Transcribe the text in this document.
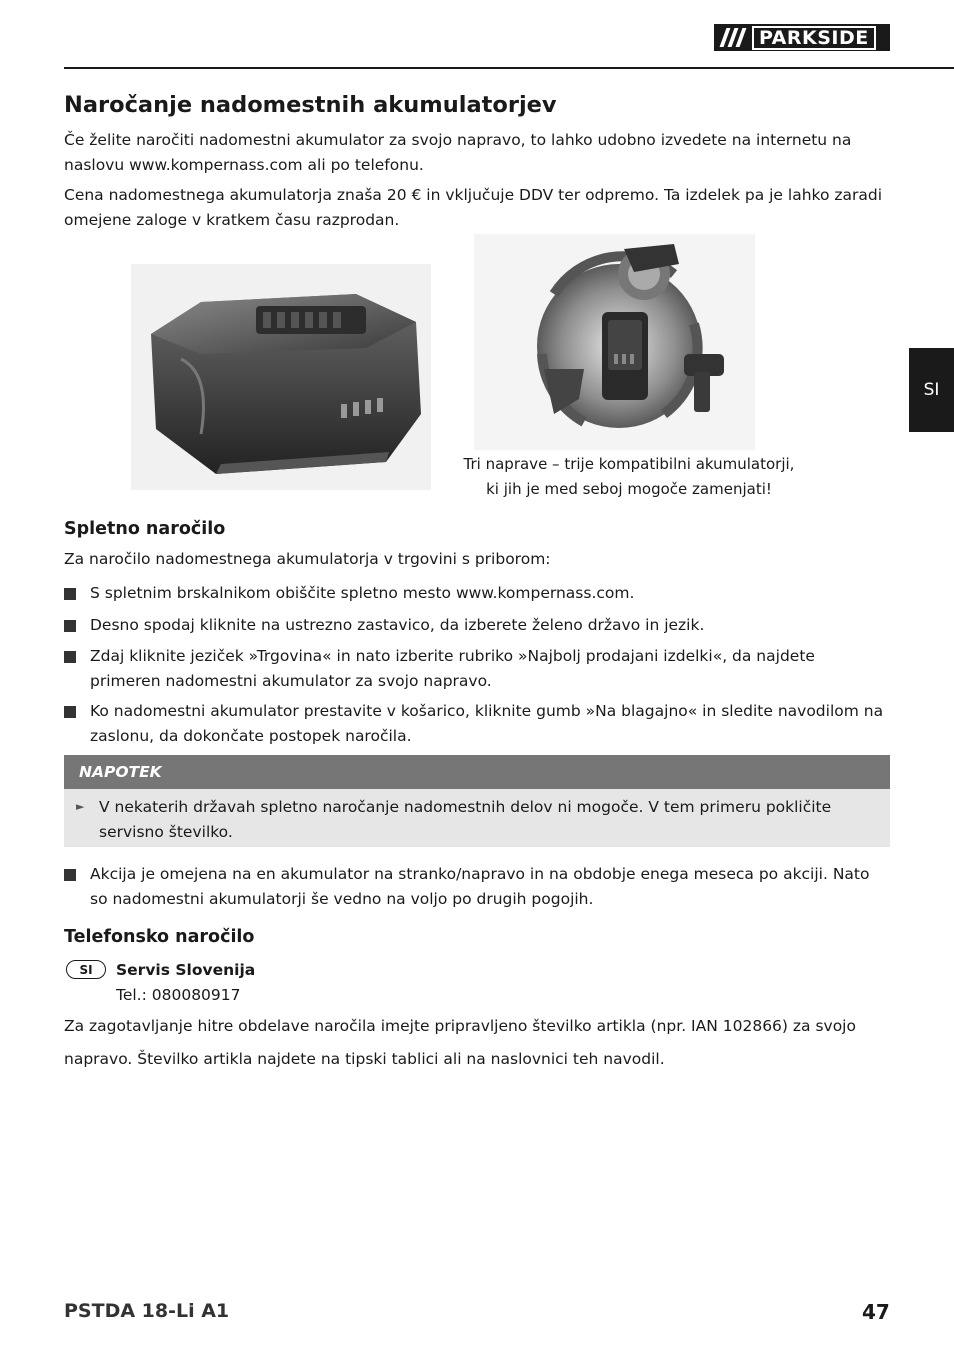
PARKSIDE
SI
Naročanje nadomestnih akumulatorjev

Če želite naročiti nadomestni akumulator za svojo napravo, to lahko udobno izvedete na internetu na naslovu www.kompernass.com ali po telefonu.

Cena nadomestnega akumulatorja znaša 20 € in vključuje DDV ter odpremo. Ta izdelek pa je lahko zaradi omejene zaloge v kratkem času razprodan.

Tri naprave – trije kompatibilni akumulatorji,
ki jih je med seboj mogoče zamenjati!
Spletno naročilo

Za naročilo nadomestnega akumulatorja v trgovini s priborom:

S spletnim brskalnikom obiščite spletno mesto www.kompernass.com.
Desno spodaj kliknite na ustrezno zastavico, da izberete želeno državo in jezik.
Zdaj kliknite jeziček »Trgovina« in nato izberite rubriko »Najbolj prodajani izdelki«, da najdete primeren nadomestni akumulator za svojo napravo.
Ko nadomestni akumulator prestavite v košarico, kliknite gumb »Na blagajno« in sledite navodilom na zaslonu, da dokončate postopek naročila.
NAPOTEK
► V nekaterih državah spletno naročanje nadomestnih delov ni mogoče. V tem primeru pokličite servisno številko.
Akcija je omejena na en akumulator na stranko/napravo in na obdobje enega meseca po akciji. Nato so nadomestni akumulatorji še vedno na voljo po drugih pogojih.
Telefonsko naročilo
SI	Servis Slovenija
Tel.: 080080917

Za zagotavljanje hitre obdelave naročila imejte pripravljeno številko artikla (npr. IAN 102866) za svojo

napravo. Številko artikla najdete na tipski tablici ali na naslovnici teh navodil.

PSTDA 18-Li A1	47
